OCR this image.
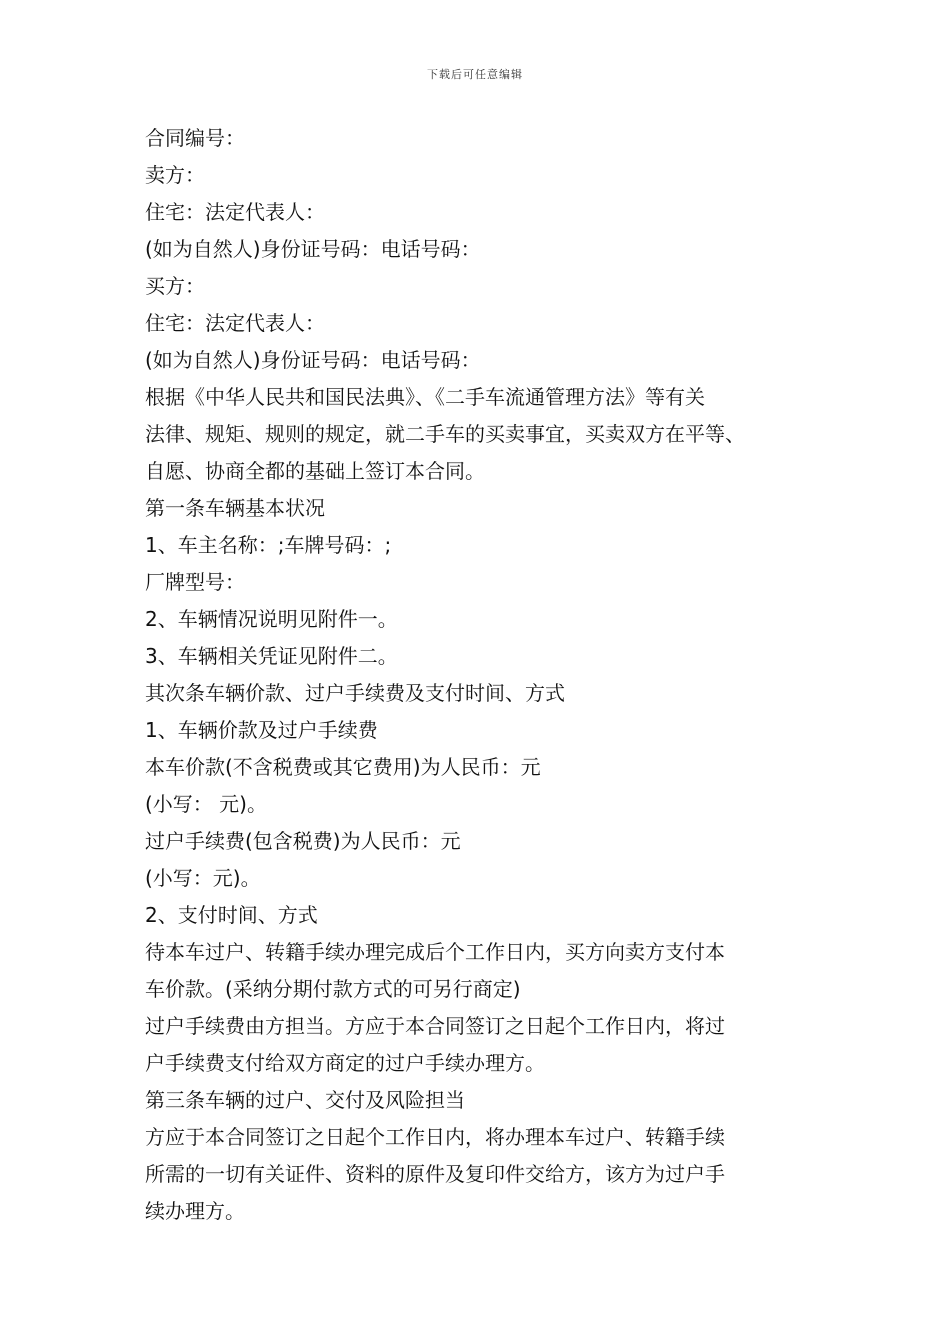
下载后可任意编辑
合同编号：
卖方：
住宅：法定代表人：
(如为自然人)身份证号码：电话号码：
买方：
住宅：法定代表人：
(如为自然人)身份证号码：电话号码：
根据《中华人民共和国民法典》、《二手车流通管理方法》等有关
法律、规矩、规则的规定，就二手车的买卖事宜，买卖双方在平等、
自愿、协商全都的基础上签订本合同。
第一条车辆基本状况
1、车主名称：;车牌号码：;
厂牌型号：
2、车辆情况说明见附件一。
3、车辆相关凭证见附件二。
其次条车辆价款、过户手续费及支付时间、方式
1、车辆价款及过户手续费
本车价款(不含税费或其它费用)为人民币：元
(小写： 元)。
过户手续费(包含税费)为人民币：元
(小写：元)。
2、支付时间、方式
待本车过户、转籍手续办理完成后个工作日内，买方向卖方支付本
车价款。(采纳分期付款方式的可另行商定)
过户手续费由方担当。方应于本合同签订之日起个工作日内，将过
户手续费支付给双方商定的过户手续办理方。
第三条车辆的过户、交付及风险担当
方应于本合同签订之日起个工作日内，将办理本车过户、转籍手续
所需的一切有关证件、资料的原件及复印件交给方，该方为过户手
续办理方。
